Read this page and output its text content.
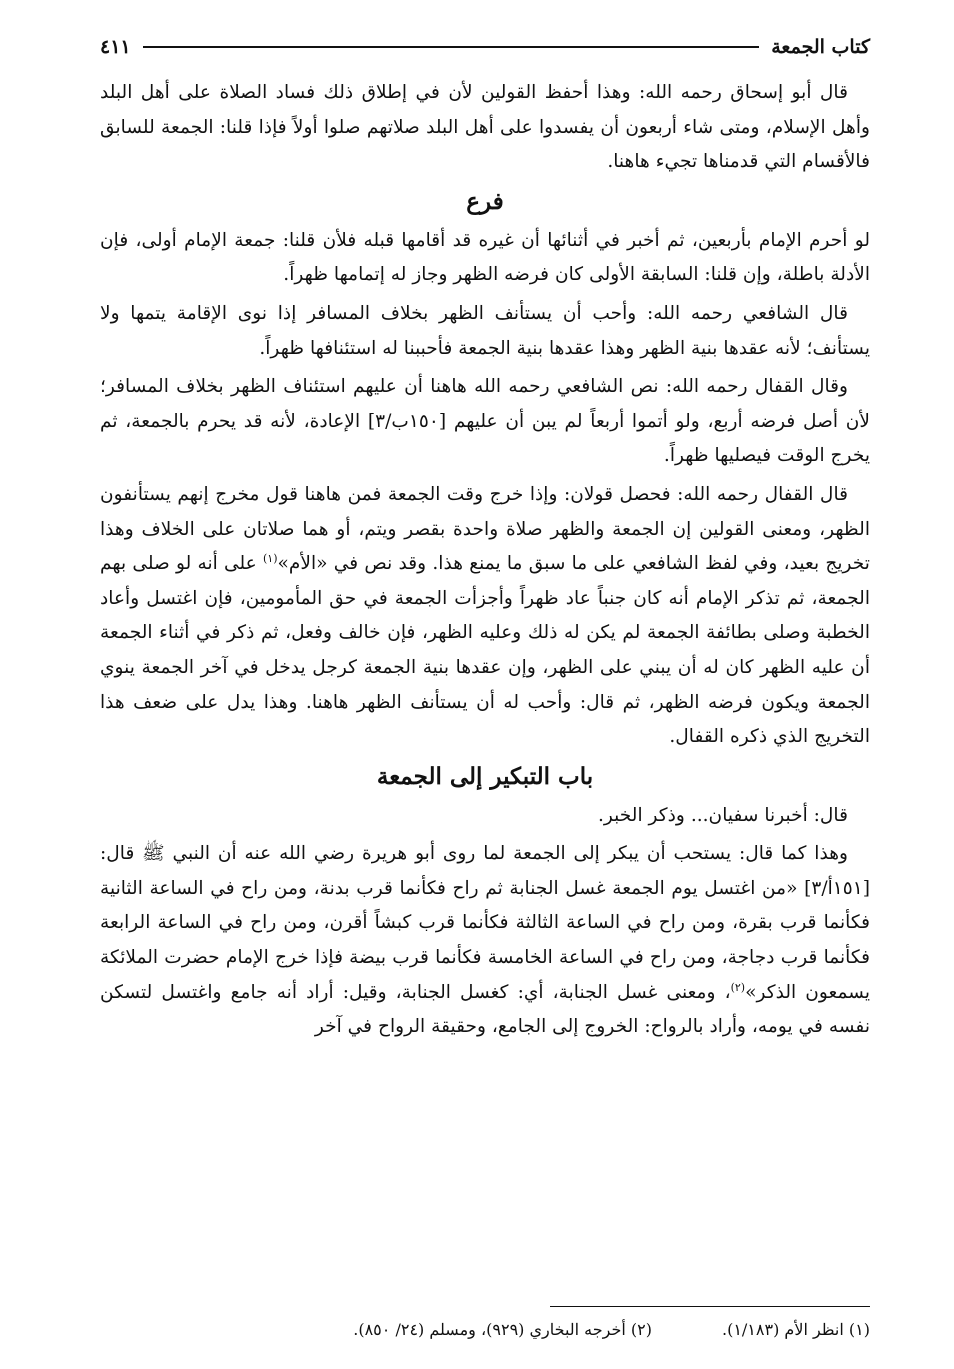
كتاب الجمعة
٤١١

قال أبو إسحاق رحمه الله: وهذا أحفظ القولين لأن في إطلاق ذلك فساد الصلاة على أهل البلد وأهل الإسلام، ومتى شاء أربعون أن يفسدوا على أهل البلد صلاتهم صلوا أولاً فإذا قلنا: الجمعة للسابق فالأقسام التي قدمناها تجيء هاهنا.

فرع

لو أحرم الإمام بأربعين، ثم أخبر في أثنائها أن غيره قد أقامها قبله فلأن قلنا: جمعة الإمام أولى، فإن الأدلة باطلة، وإن قلنا: السابقة الأولى كان فرضه الظهر وجاز له إتمامها ظهراً.

قال الشافعي رحمه الله: وأحب أن يستأنف الظهر بخلاف المسافر إذا نوى الإقامة يتمها ولا يستأنف؛ لأنه عقدها بنية الظهر وهذا عقدها بنية الجمعة فأحببنا له استئنافها ظهراً.

وقال القفال رحمه الله: نص الشافعي رحمه الله هاهنا أن عليهم استئناف الظهر بخلاف المسافر؛ لأن أصل فرضه أربع، ولو أتموا أربعاً لم يبن أن عليهم [١٥٠ب/٣] الإعادة، لأنه قد يحرم بالجمعة، ثم يخرج الوقت فيصليها ظهراً.

قال القفال رحمه الله: فحصل قولان: وإذا خرج وقت الجمعة فمن هاهنا قول مخرج إنهم يستأنفون الظهر، ومعنى القولين إن الجمعة والظهر صلاة واحدة بقصر ويتم، أو هما صلاتان على الخلاف وهذا تخريج بعيد، وفي لفظ الشافعي على ما سبق ما يمنع هذا. وقد نص في «الأم»$^{(١)}$ على أنه لو صلى بهم الجمعة، ثم تذكر الإمام أنه كان جنباً عاد ظهراً وأجزأت الجمعة في حق المأمومين، فإن اغتسل وأعاد الخطبة وصلى بطائفة الجمعة لم يكن له ذلك وعليه الظهر، فإن خالف وفعل، ثم ذكر في أثناء الجمعة أن عليه الظهر كان له أن يبني على الظهر، وإن عقدها بنية الجمعة كرجل يدخل في آخر الجمعة ينوي الجمعة ويكون فرضه الظهر، ثم قال: وأحب له أن يستأنف الظهر هاهنا. وهذا يدل على ضعف هذا التخريج الذي ذكره القفال.

باب التبكير إلى الجمعة

قال: أخبرنا سفيان... وذكر الخبر.

وهذا كما قال: يستحب أن يبكر إلى الجمعة لما روى أبو هريرة رضي الله عنه أن النبي ﷺ قال: [١٥١أ/٣] «من اغتسل يوم الجمعة غسل الجنابة ثم راح فكأنما قرب بدنة، ومن راح في الساعة الثانية فكأنما قرب بقرة، ومن راح في الساعة الثالثة فكأنما قرب كبشاً أقرن، ومن راح في الساعة الرابعة فكأنما قرب دجاجة، ومن راح في الساعة الخامسة فكأنما قرب بيضة فإذا خرج الإمام حضرت الملائكة يسمعون الذكر»$^{(٢)}$، ومعنى غسل الجنابة، أي: كغسل الجنابة، وقيل: أراد أنه جامع واغتسل لتسكن نفسه في يومه، وأراد بالرواح: الخروج إلى الجامع، وحقيقة الرواح في آخر

(١) انظر الأم (١/١٨٣).
(٢) أخرجه البخاري (٩٢٩)، ومسلم (٢٤/ ٨٥٠).
